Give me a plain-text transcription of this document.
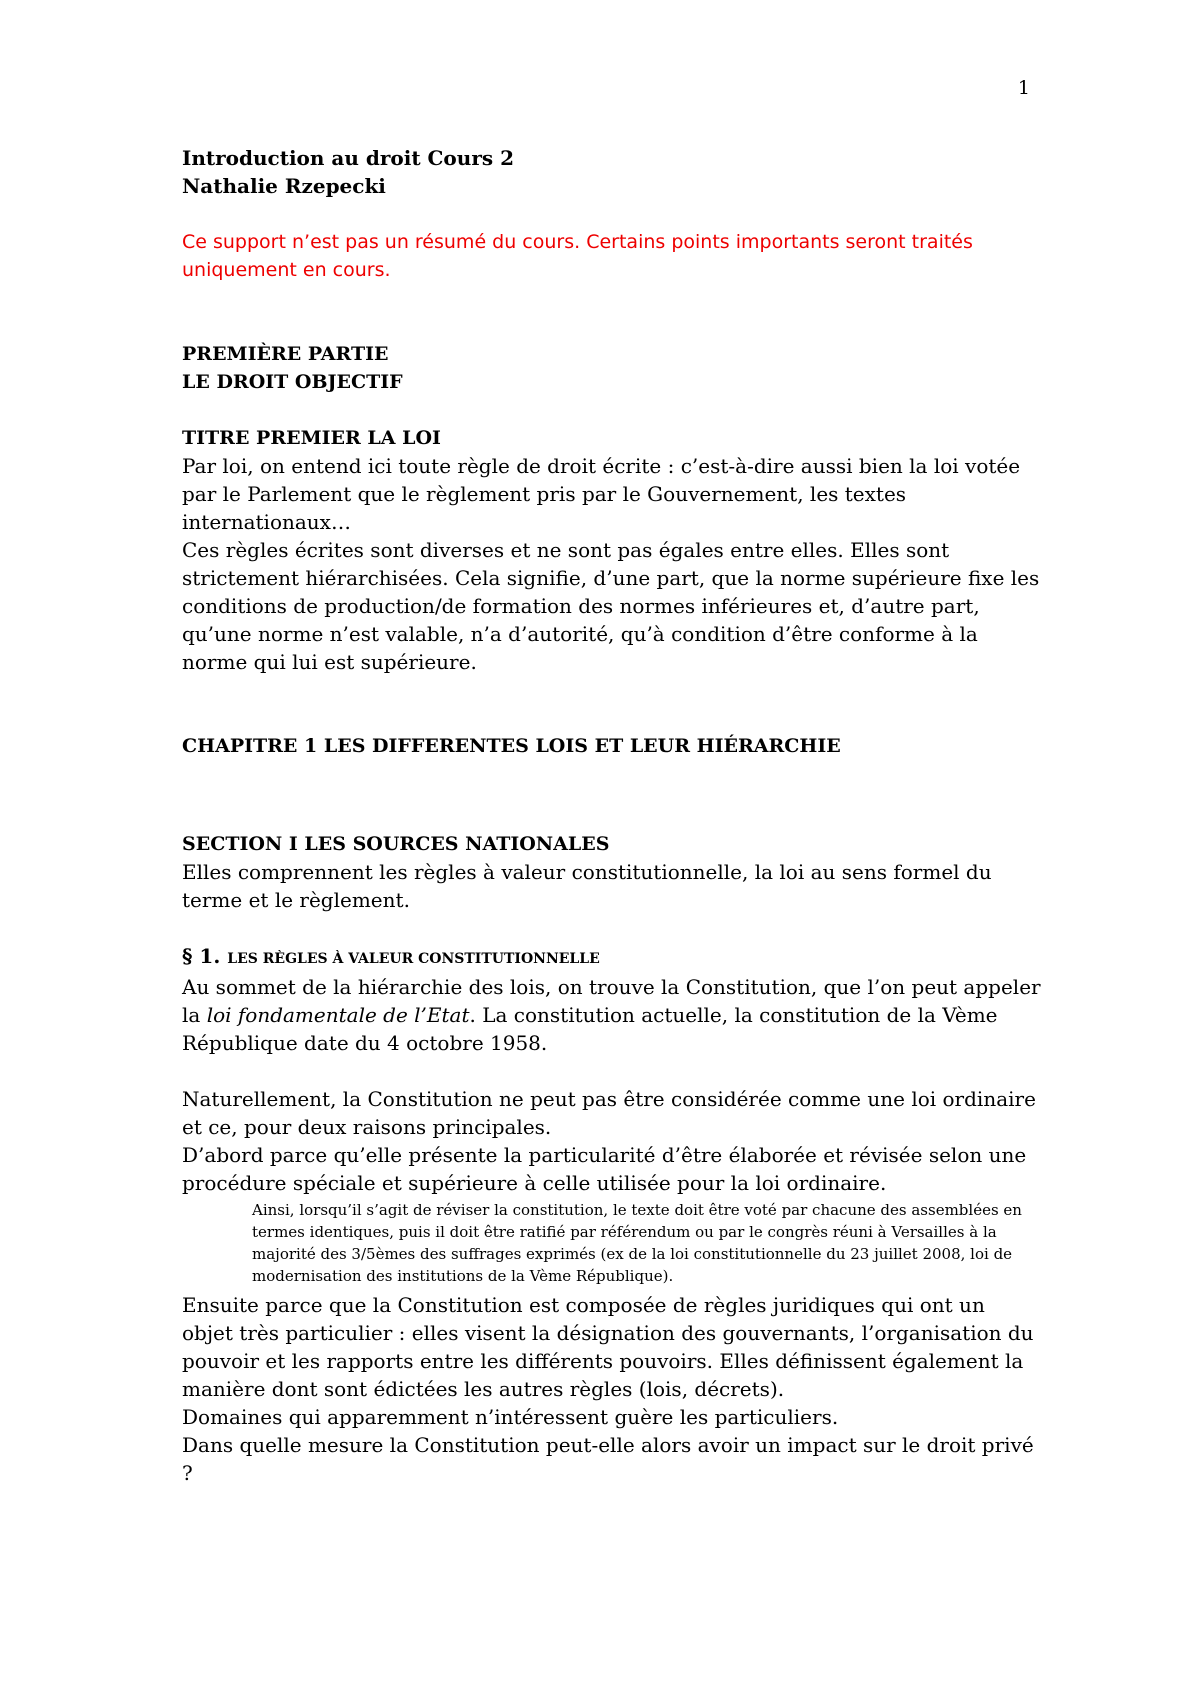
1

Introduction au droit Cours 2

Nathalie Rzepecki

Ce support n’est pas un résumé du cours. Certains points importants seront traités uniquement en cours.

PREMIÈRE PARTIE

LE DROIT OBJECTIF

TITRE PREMIER LA LOI

Par loi, on entend ici toute règle de droit écrite : c’est-à-dire aussi bien la loi votée par le Parlement que le règlement pris par le Gouvernement, les textes internationaux…

Ces règles écrites sont diverses et ne sont pas égales entre elles. Elles sont strictement hiérarchisées. Cela signifie, d’une part, que la norme supérieure fixe les conditions de production/de formation des normes inférieures et, d’autre part, qu’une norme n’est valable, n’a d’autorité, qu’à condition d’être conforme à la norme qui lui est supérieure.

CHAPITRE 1 LES DIFFERENTES LOIS ET LEUR HIÉRARCHIE

SECTION I LES SOURCES NATIONALES

Elles comprennent les règles à valeur constitutionnelle, la loi au sens formel du terme et le règlement.

§ 1. LES RÈGLES À VALEUR CONSTITUTIONNELLE

Au sommet de la hiérarchie des lois, on trouve la Constitution, que l’on peut appeler la loi fondamentale de l’Etat. La constitution actuelle, la constitution de la Vème République date du 4 octobre 1958.

Naturellement, la Constitution ne peut pas être considérée comme une loi ordinaire et ce, pour deux raisons principales.

D’abord parce qu’elle présente la particularité d’être élaborée et révisée selon une procédure spéciale et supérieure à celle utilisée pour la loi ordinaire.

Ainsi, lorsqu’il s’agit de réviser la constitution, le texte doit être voté par chacune des assemblées en termes identiques, puis il doit être ratifié par référendum ou par le congrès réuni à Versailles à la majorité des 3/5èmes des suffrages exprimés (ex de la loi constitutionnelle du 23 juillet 2008, loi de modernisation des institutions de la Vème République).

Ensuite parce que la Constitution est composée de règles juridiques qui ont un objet très particulier : elles visent la désignation des gouvernants, l’organisation du pouvoir et les rapports entre les différents pouvoirs. Elles définissent également la manière dont sont édictées les autres règles (lois, décrets).

Domaines qui apparemment n’intéressent guère les particuliers.

Dans quelle mesure la Constitution peut-elle alors avoir un impact sur le droit privé ?
